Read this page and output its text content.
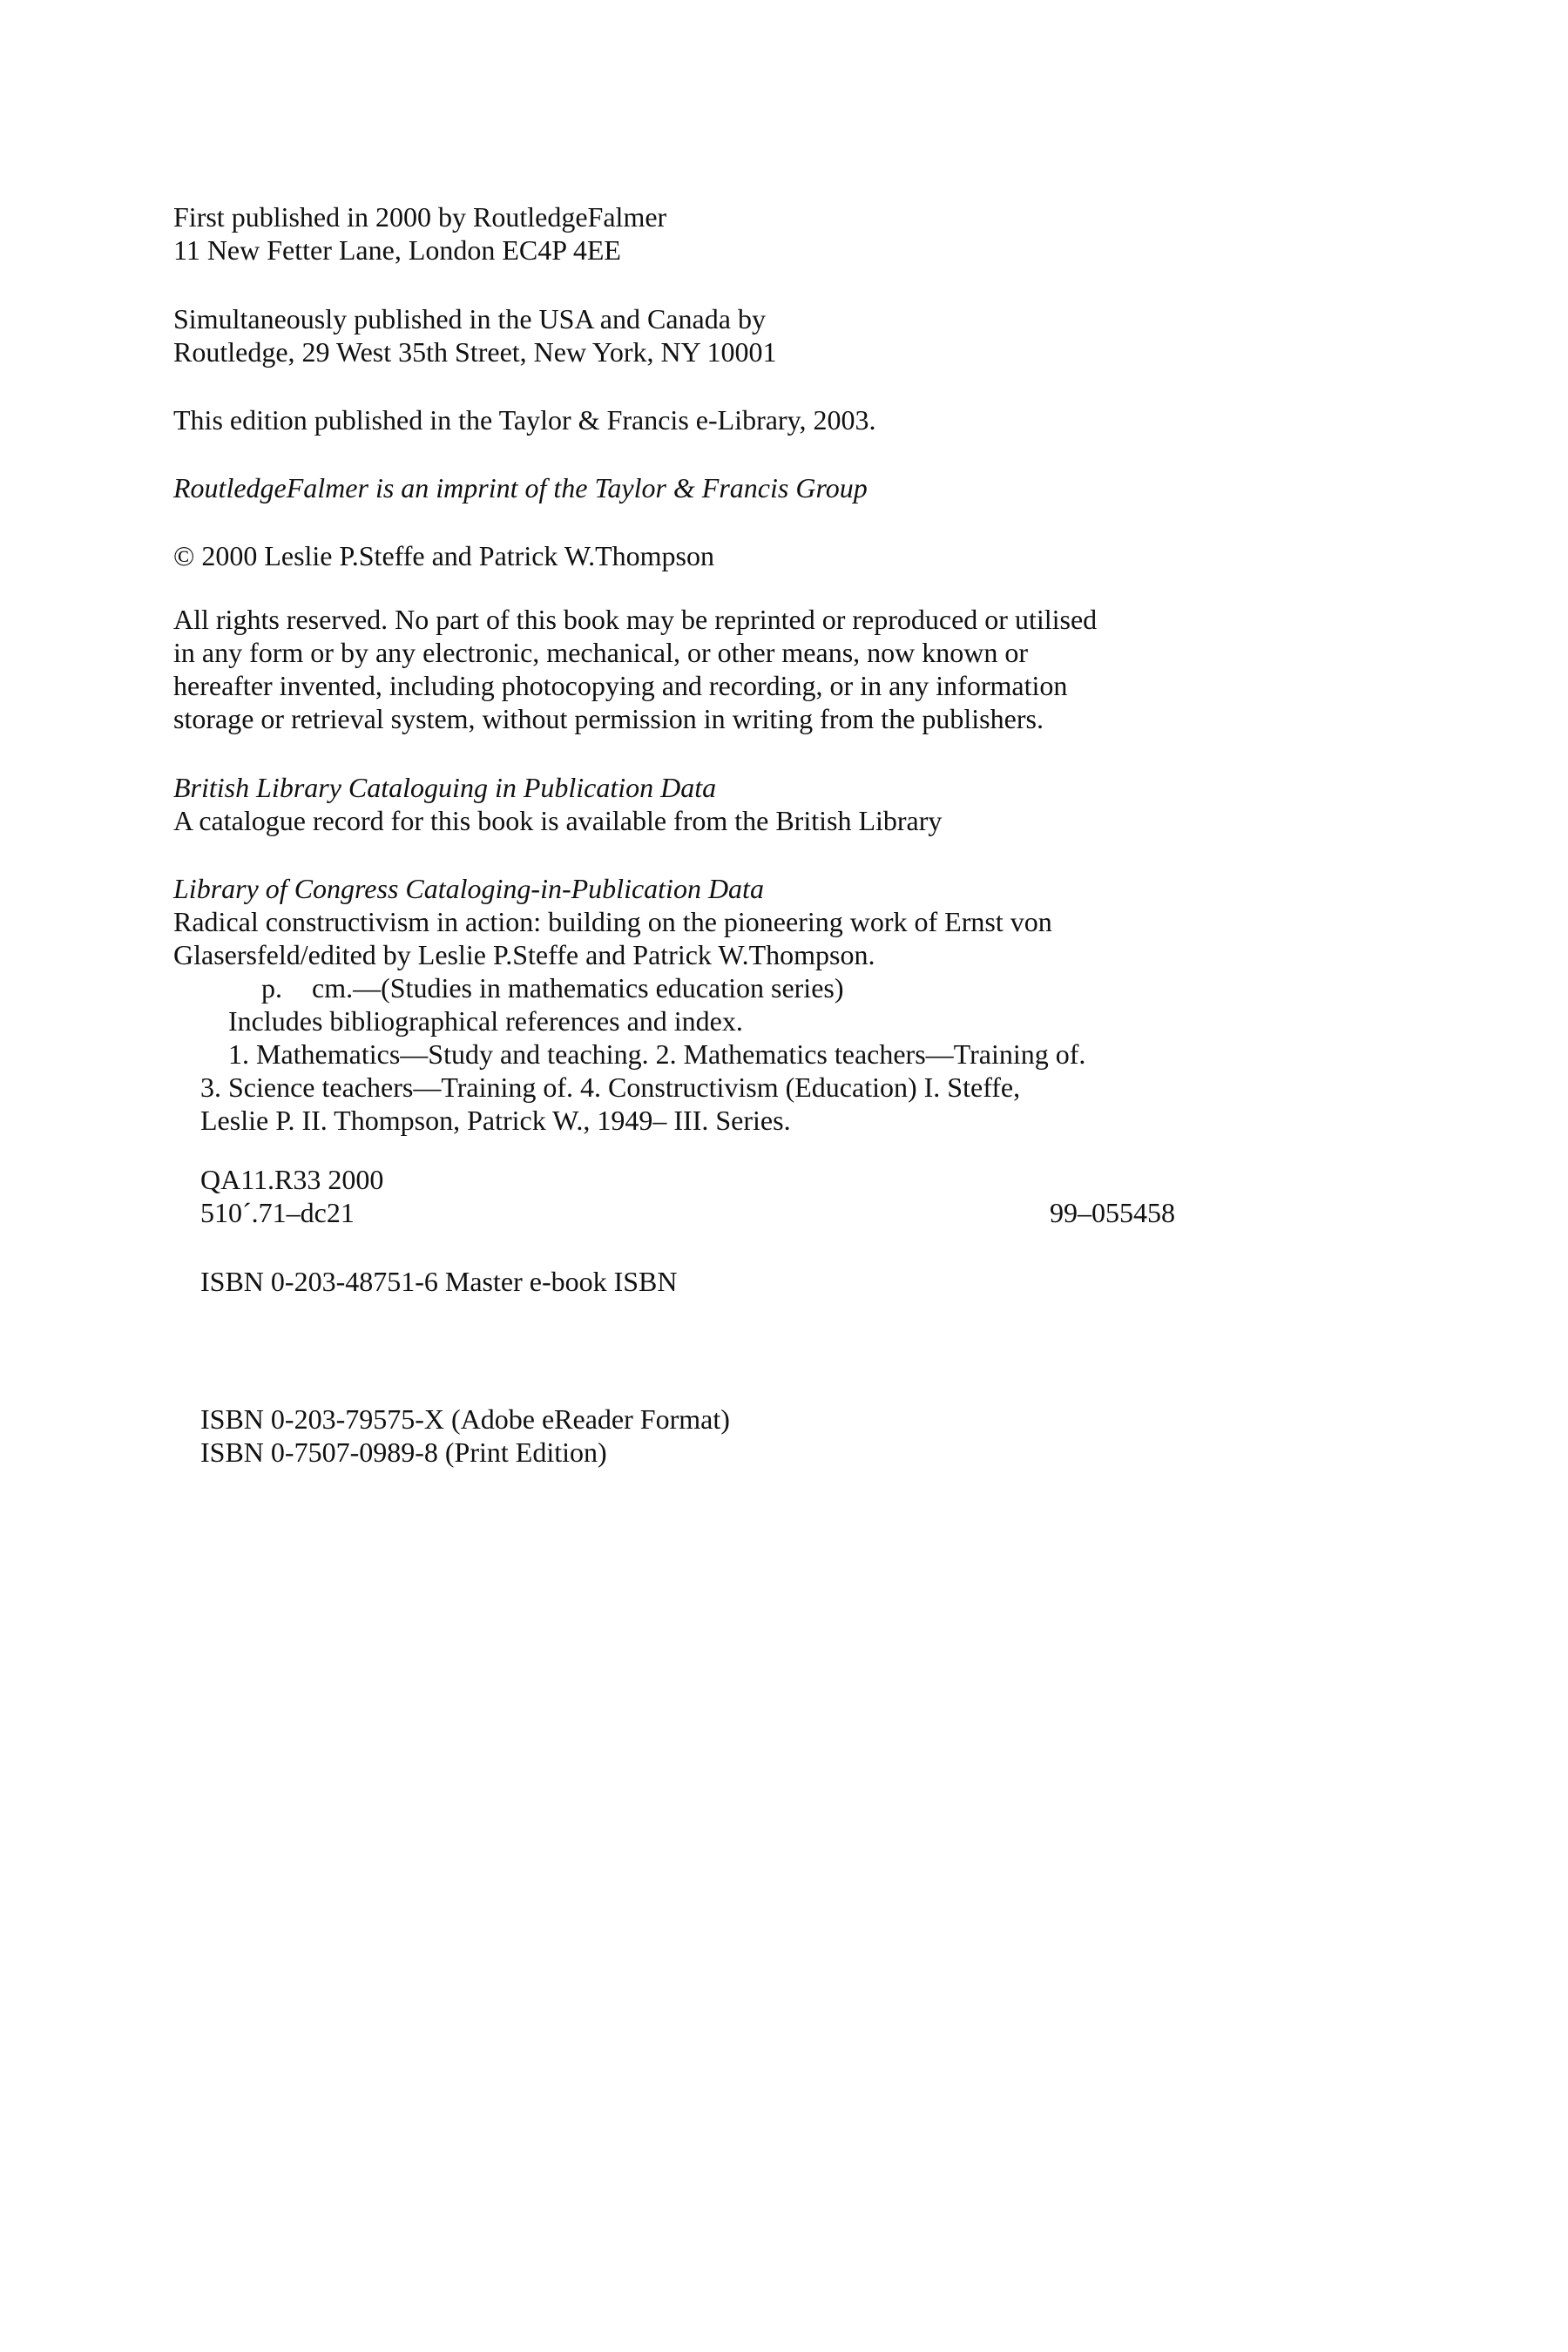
First published in 2000 by RoutledgeFalmer
11 New Fetter Lane, London EC4P 4EE
Simultaneously published in the USA and Canada by
Routledge, 29 West 35th Street, New York, NY 10001
This edition published in the Taylor & Francis e-Library, 2003.
RoutledgeFalmer is an imprint of the Taylor & Francis Group
© 2000 Leslie P.Steffe and Patrick W.Thompson
All rights reserved. No part of this book may be reprinted or reproduced or utilised
in any form or by any electronic, mechanical, or other means, now known or
hereafter invented, including photocopying and recording, or in any information
storage or retrieval system, without permission in writing from the publishers.
British Library Cataloguing in Publication Data
A catalogue record for this book is available from the British Library
Library of Congress Cataloging-in-Publication Data
Radical constructivism in action: building on the pioneering work of Ernst von
Glasersfeld/edited by Leslie P.Steffe and Patrick W.Thompson.
p. cm.—(Studies in mathematics education series)
Includes bibliographical references and index.
1. Mathematics—Study and teaching. 2. Mathematics teachers—Training of.
3. Science teachers—Training of. 4. Constructivism (Education) I. Steffe,
Leslie P. II. Thompson, Patrick W., 1949– III. Series.
QA11.R33 2000
510´.71–dc21	99–055458
ISBN 0-203-48751-6 Master e-book ISBN
ISBN 0-203-79575-X (Adobe eReader Format)
ISBN 0-7507-0989-8 (Print Edition)
